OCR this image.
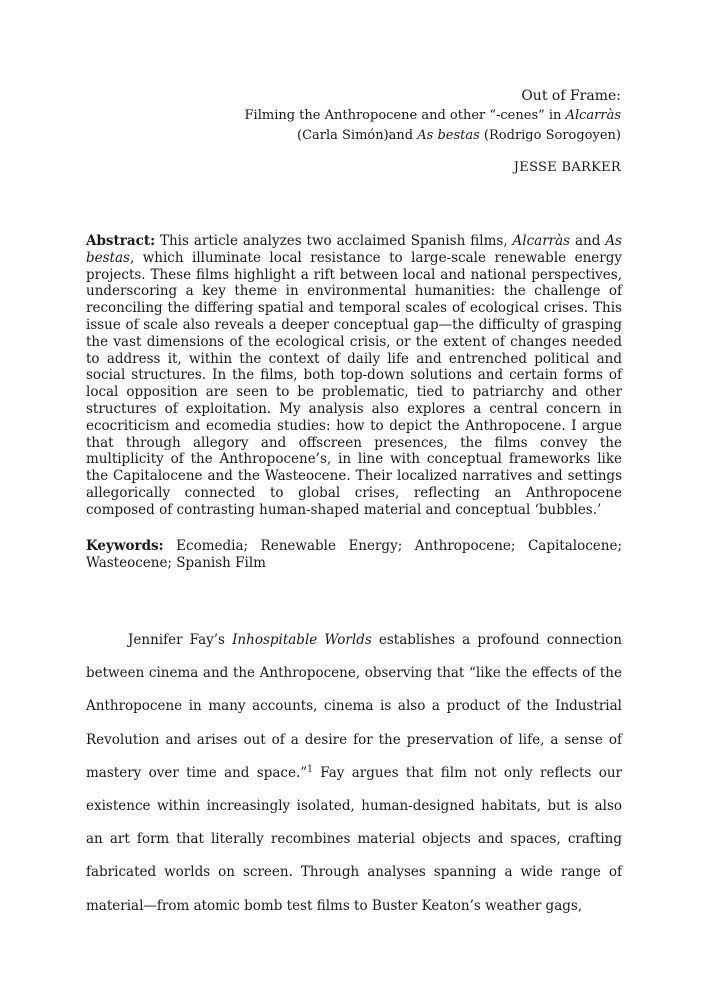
Out of Frame:
Filming the Anthropocene and other “-cenes” in Alcarràs
(Carla Simón)and As bestas (Rodrigo Sorogoyen)
JESSE BARKER
Abstract: This article analyzes two acclaimed Spanish films, Alcarràs and As bestas, which illuminate local resistance to large-scale renewable energy projects. These films highlight a rift between local and national perspectives, underscoring a key theme in environmental humanities: the challenge of reconciling the differing spatial and temporal scales of ecological crises. This issue of scale also reveals a deeper conceptual gap—the difficulty of grasping the vast dimensions of the ecological crisis, or the extent of changes needed to address it, within the context of daily life and entrenched political and social structures. In the films, both top-down solutions and certain forms of local opposition are seen to be problematic, tied to patriarchy and other structures of exploitation. My analysis also explores a central concern in ecocriticism and ecomedia studies: how to depict the Anthropocene. I argue that through allegory and offscreen presences, the films convey the multiplicity of the Anthropocene’s, in line with conceptual frameworks like the Capitalocene and the Wasteocene. Their localized narratives and settings allegorically connected to global crises, reflecting an Anthropocene composed of contrasting human-shaped material and conceptual ‘bubbles.’
Keywords: Ecomedia; Renewable Energy; Anthropocene; Capitalocene; Wasteocene; Spanish Film
Jennifer Fay’s Inhospitable Worlds establishes a profound connection between cinema and the Anthropocene, observing that “like the effects of the Anthropocene in many accounts, cinema is also a product of the Industrial Revolution and arises out of a desire for the preservation of life, a sense of mastery over time and space.”$^1$ Fay argues that film not only reflects our existence within increasingly isolated, human-designed habitats, but is also an art form that literally recombines material objects and spaces, crafting fabricated worlds on screen. Through analyses spanning a wide range of material—from atomic bomb test films to Buster Keaton’s weather gags,
